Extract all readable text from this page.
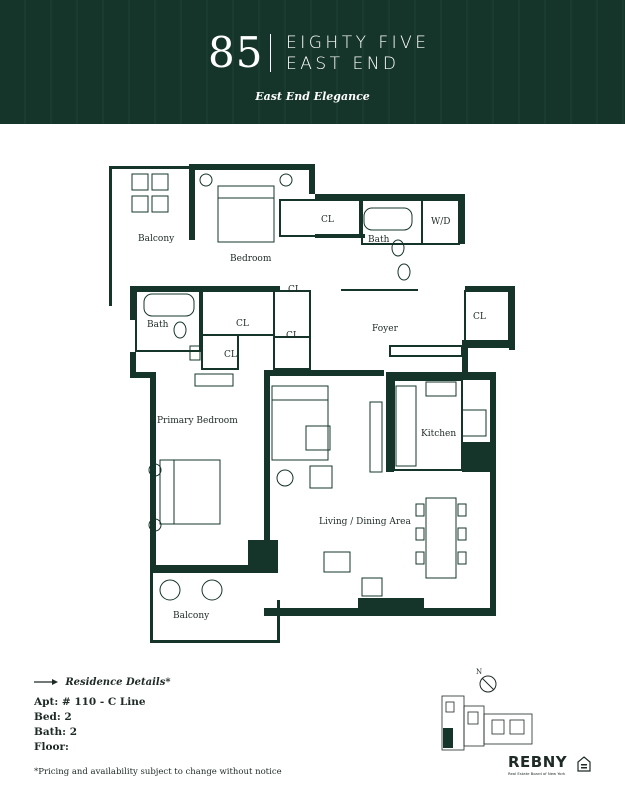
85 EIGHTY FIVE
EAST END
East End Elegance
Balcony
Bedroom
CL
Bath
W/D
CL
Bath	CL
CL
CL
Foyer
CL
Primary Bedroom
Kitchen
Living / Dining Area
Balcony
Residence Details*
Apt: # 110 - C Line
Bed: 2
Bath: 2
Floor:
*Pricing and availability subject to change without notice
N
REBNY
Real Estate Board of New York
